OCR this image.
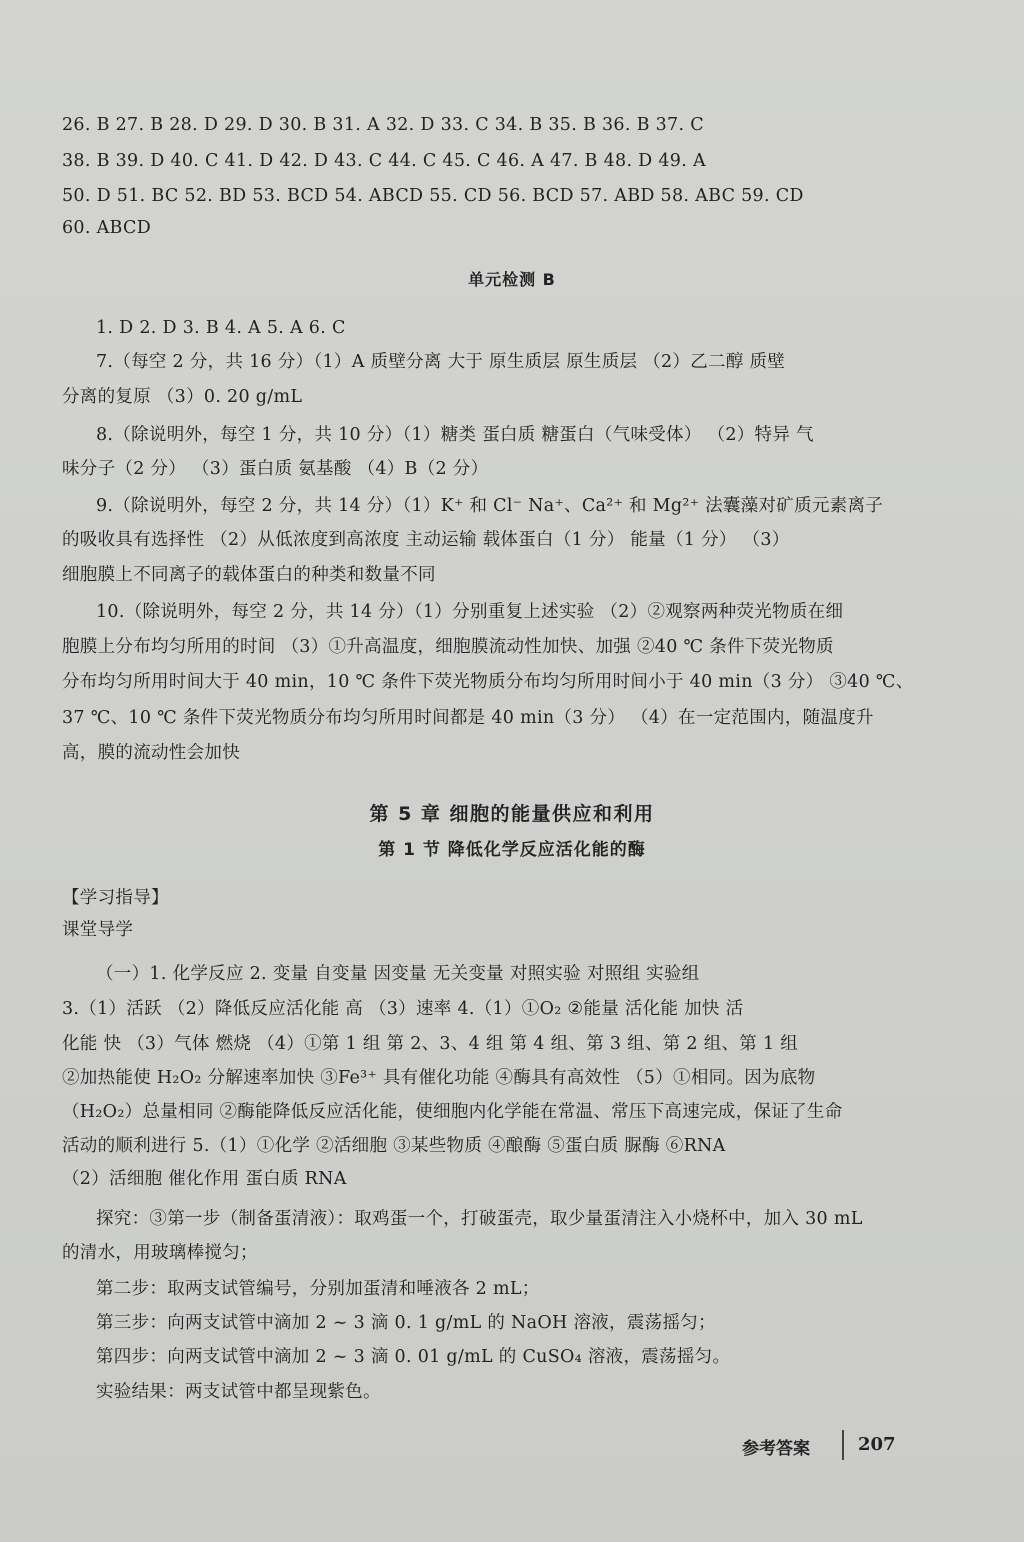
26. B 27. B 28. D 29. D 30. B 31. A 32. D 33. C 34. B 35. B 36. B 37. C
38. B 39. D 40. C 41. D 42. D 43. C 44. C 45. C 46. A 47. B 48. D 49. A
50. D 51. BC 52. BD 53. BCD 54. ABCD 55. CD 56. BCD 57. ABD 58. ABC 59. CD
60. ABCD
单元检测 B
1. D 2. D 3. B 4. A 5. A 6. C
7.（每空 2 分，共 16 分）（1）A 质壁分离 大于 原生质层 原生质层 （2）乙二醇 质壁
分离的复原 （3）0. 20 g/mL
8.（除说明外，每空 1 分，共 10 分）（1）糖类 蛋白质 糖蛋白（气味受体） （2）特异 气
味分子（2 分） （3）蛋白质 氨基酸 （4）B（2 分）
9.（除说明外，每空 2 分，共 14 分）（1）K⁺ 和 Cl⁻ Na⁺、Ca²⁺ 和 Mg²⁺ 法囊藻对矿质元素离子
的吸收具有选择性 （2）从低浓度到高浓度 主动运输 载体蛋白（1 分） 能量（1 分） （3）
细胞膜上不同离子的载体蛋白的种类和数量不同
10.（除说明外，每空 2 分，共 14 分）（1）分别重复上述实验 （2）②观察两种荧光物质在细
胞膜上分布均匀所用的时间 （3）①升高温度，细胞膜流动性加快、加强 ②40 ℃ 条件下荧光物质
分布均匀所用时间大于 40 min，10 ℃ 条件下荧光物质分布均匀所用时间小于 40 min（3 分） ③40 ℃、
37 ℃、10 ℃ 条件下荧光物质分布均匀所用时间都是 40 min（3 分） （4）在一定范围内，随温度升
高，膜的流动性会加快
第 5 章 细胞的能量供应和利用
第 1 节 降低化学反应活化能的酶
【学习指导】
课堂导学
（一）1. 化学反应 2. 变量 自变量 因变量 无关变量 对照实验 对照组 实验组
3.（1）活跃 （2）降低反应活化能 高 （3）速率 4.（1）①O₂ ②能量 活化能 加快 活
化能 快 （3）气体 燃烧 （4）①第 1 组 第 2、3、4 组 第 4 组、第 3 组、第 2 组、第 1 组
②加热能使 H₂O₂ 分解速率加快 ③Fe³⁺ 具有催化功能 ④酶具有高效性 （5）①相同。因为底物
（H₂O₂）总量相同 ②酶能降低反应活化能，使细胞内化学能在常温、常压下高速完成，保证了生命
活动的顺利进行 5.（1）①化学 ②活细胞 ③某些物质 ④酿酶 ⑤蛋白质 脲酶 ⑥RNA
（2）活细胞 催化作用 蛋白质 RNA
探究：③第一步（制备蛋清液）：取鸡蛋一个，打破蛋壳，取少量蛋清注入小烧杯中，加入 30 mL
的清水，用玻璃棒搅匀；
第二步：取两支试管编号，分别加蛋清和唾液各 2 mL；
第三步：向两支试管中滴加 2 ~ 3 滴 0. 1 g/mL 的 NaOH 溶液，震荡摇匀；
第四步：向两支试管中滴加 2 ~ 3 滴 0. 01 g/mL 的 CuSO₄ 溶液，震荡摇匀。
实验结果：两支试管中都呈现紫色。
参考答案	207
